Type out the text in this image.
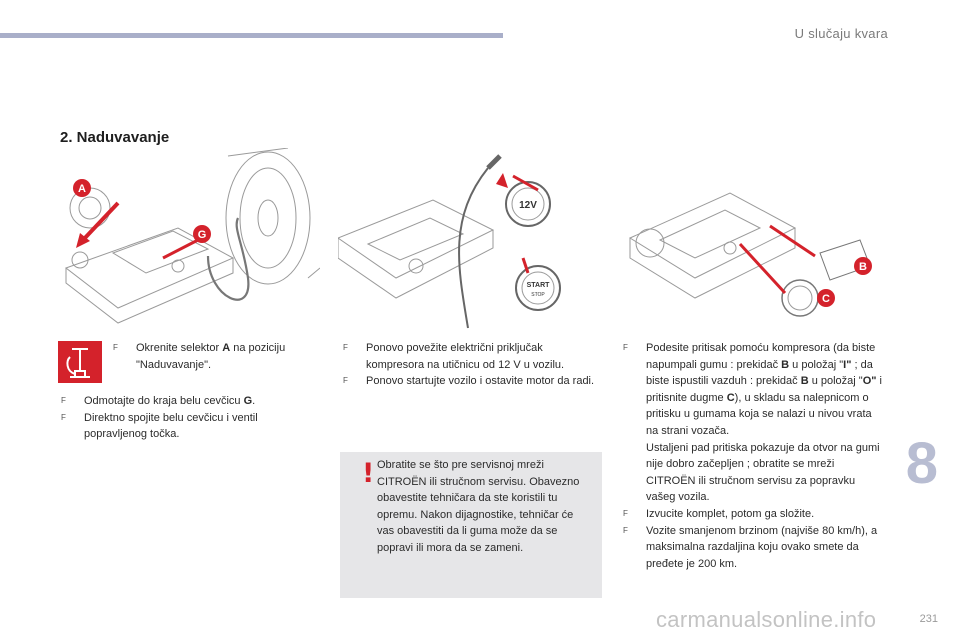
U slučaju kvara
2. Naduvavanje
A
G
12V
START
STOP
B
C
F Okrenite selektor A na poziciju "Naduvavanje".
F Odmotajte do kraja belu cevčicu G.
F Direktno spojite belu cevčicu i ventil popravljenog točka.
F Ponovo povežite električni priključak kompresora na utičnicu od 12 V u vozilu.
F Ponovo startujte vozilo i ostavite motor da radi.
! Obratite se što pre servisnoj mreži CITROËN ili stručnom servisu. Obavezno obavestite tehničara da ste koristili tu opremu. Nakon dijagnostike, tehničar će vas obavestiti da li guma može da se popravi ili mora da se zameni.
F Podesite pritisak pomoću kompresora (da biste napumpali gumu : prekidač B u položaj "I" ; da biste ispustili vazduh : prekidač B u položaj "O" i pritisnite dugme C), u skladu sa nalepnicom o pritisku u gumama koja se nalazi u nivou vrata na strani vozača.
Ustaljeni pad pritiska pokazuje da otvor na gumi nije dobro začepljen ; obratite se mreži CITROËN ili stručnom servisu za popravku vašeg vozila.
F Izvucite komplet, potom ga složite.
F Vozite smanjenom brzinom (najviše 80 km/h), a maksimalna razdaljina koju ovako smete da pređete je 200 km.
8
231
carmanualsonline.info
